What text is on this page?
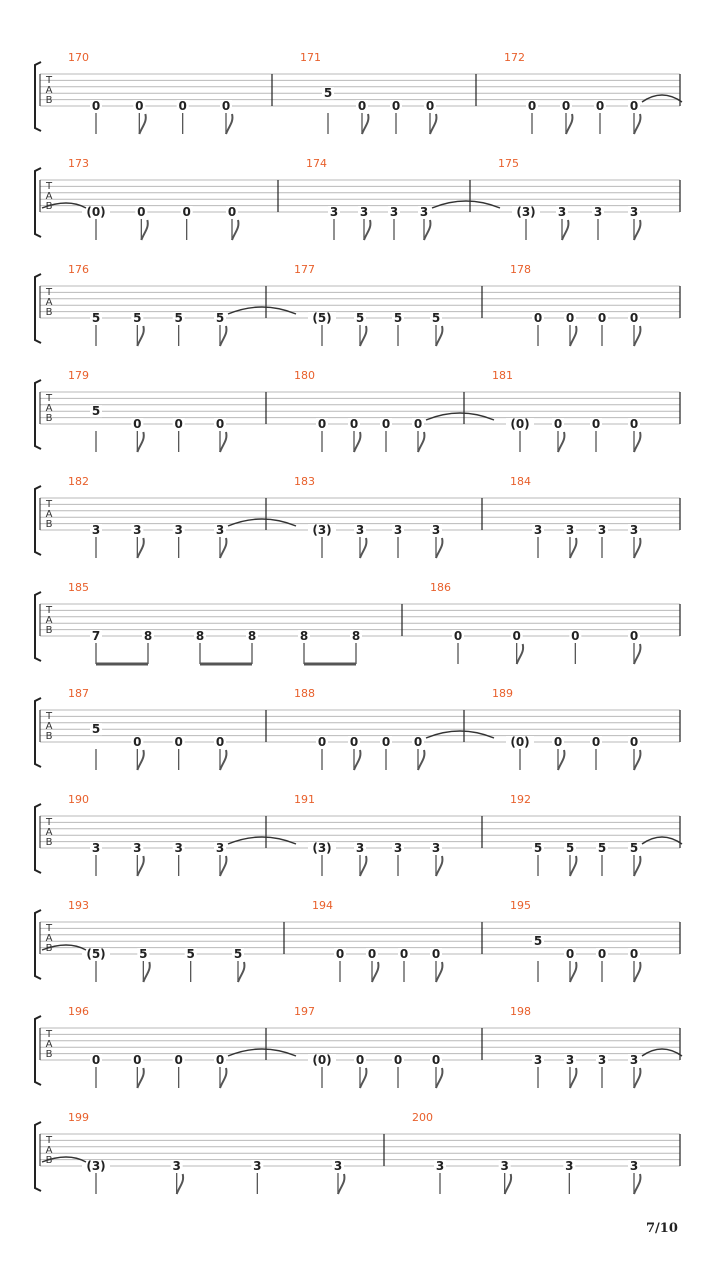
T
A
B
170
0	0	0	0
171
5
0 0 0
172
0 0 0 0
T
A
B
173
(0)	0	0	0
174
3 3 3 3
175
(3) 3 3 3
T
A
B
176
5	5	5	5
177
(5) 5 5 5
178
0 0 0 0
T
A
B
179
5
0	0	0
180
0 0 0 0
181
(0) 0 0 0
T
A
B
182
3	3	3	3
183
(3) 3 3 3
184
3 3 3 3
T
A
B
185
7	8	8	8	8	8
186
0	0	0	0
T
A
B
187
5
0	0	0
188
0 0 0 0
189
(0) 0 0 0
T
A
B
190
3	3	3	3
191
(3) 3 3 3
192
5 5 5 5
T
A
B
193
(5)	5	5	5
194
0 0 0 0
195
5
0 0 0
T
A
B
196
0	0	0	0
197
(0) 0 0 0
198
3 3 3 3
T
A
B
199
(3)	3	3	3
200
3	3	3	3
7/10
